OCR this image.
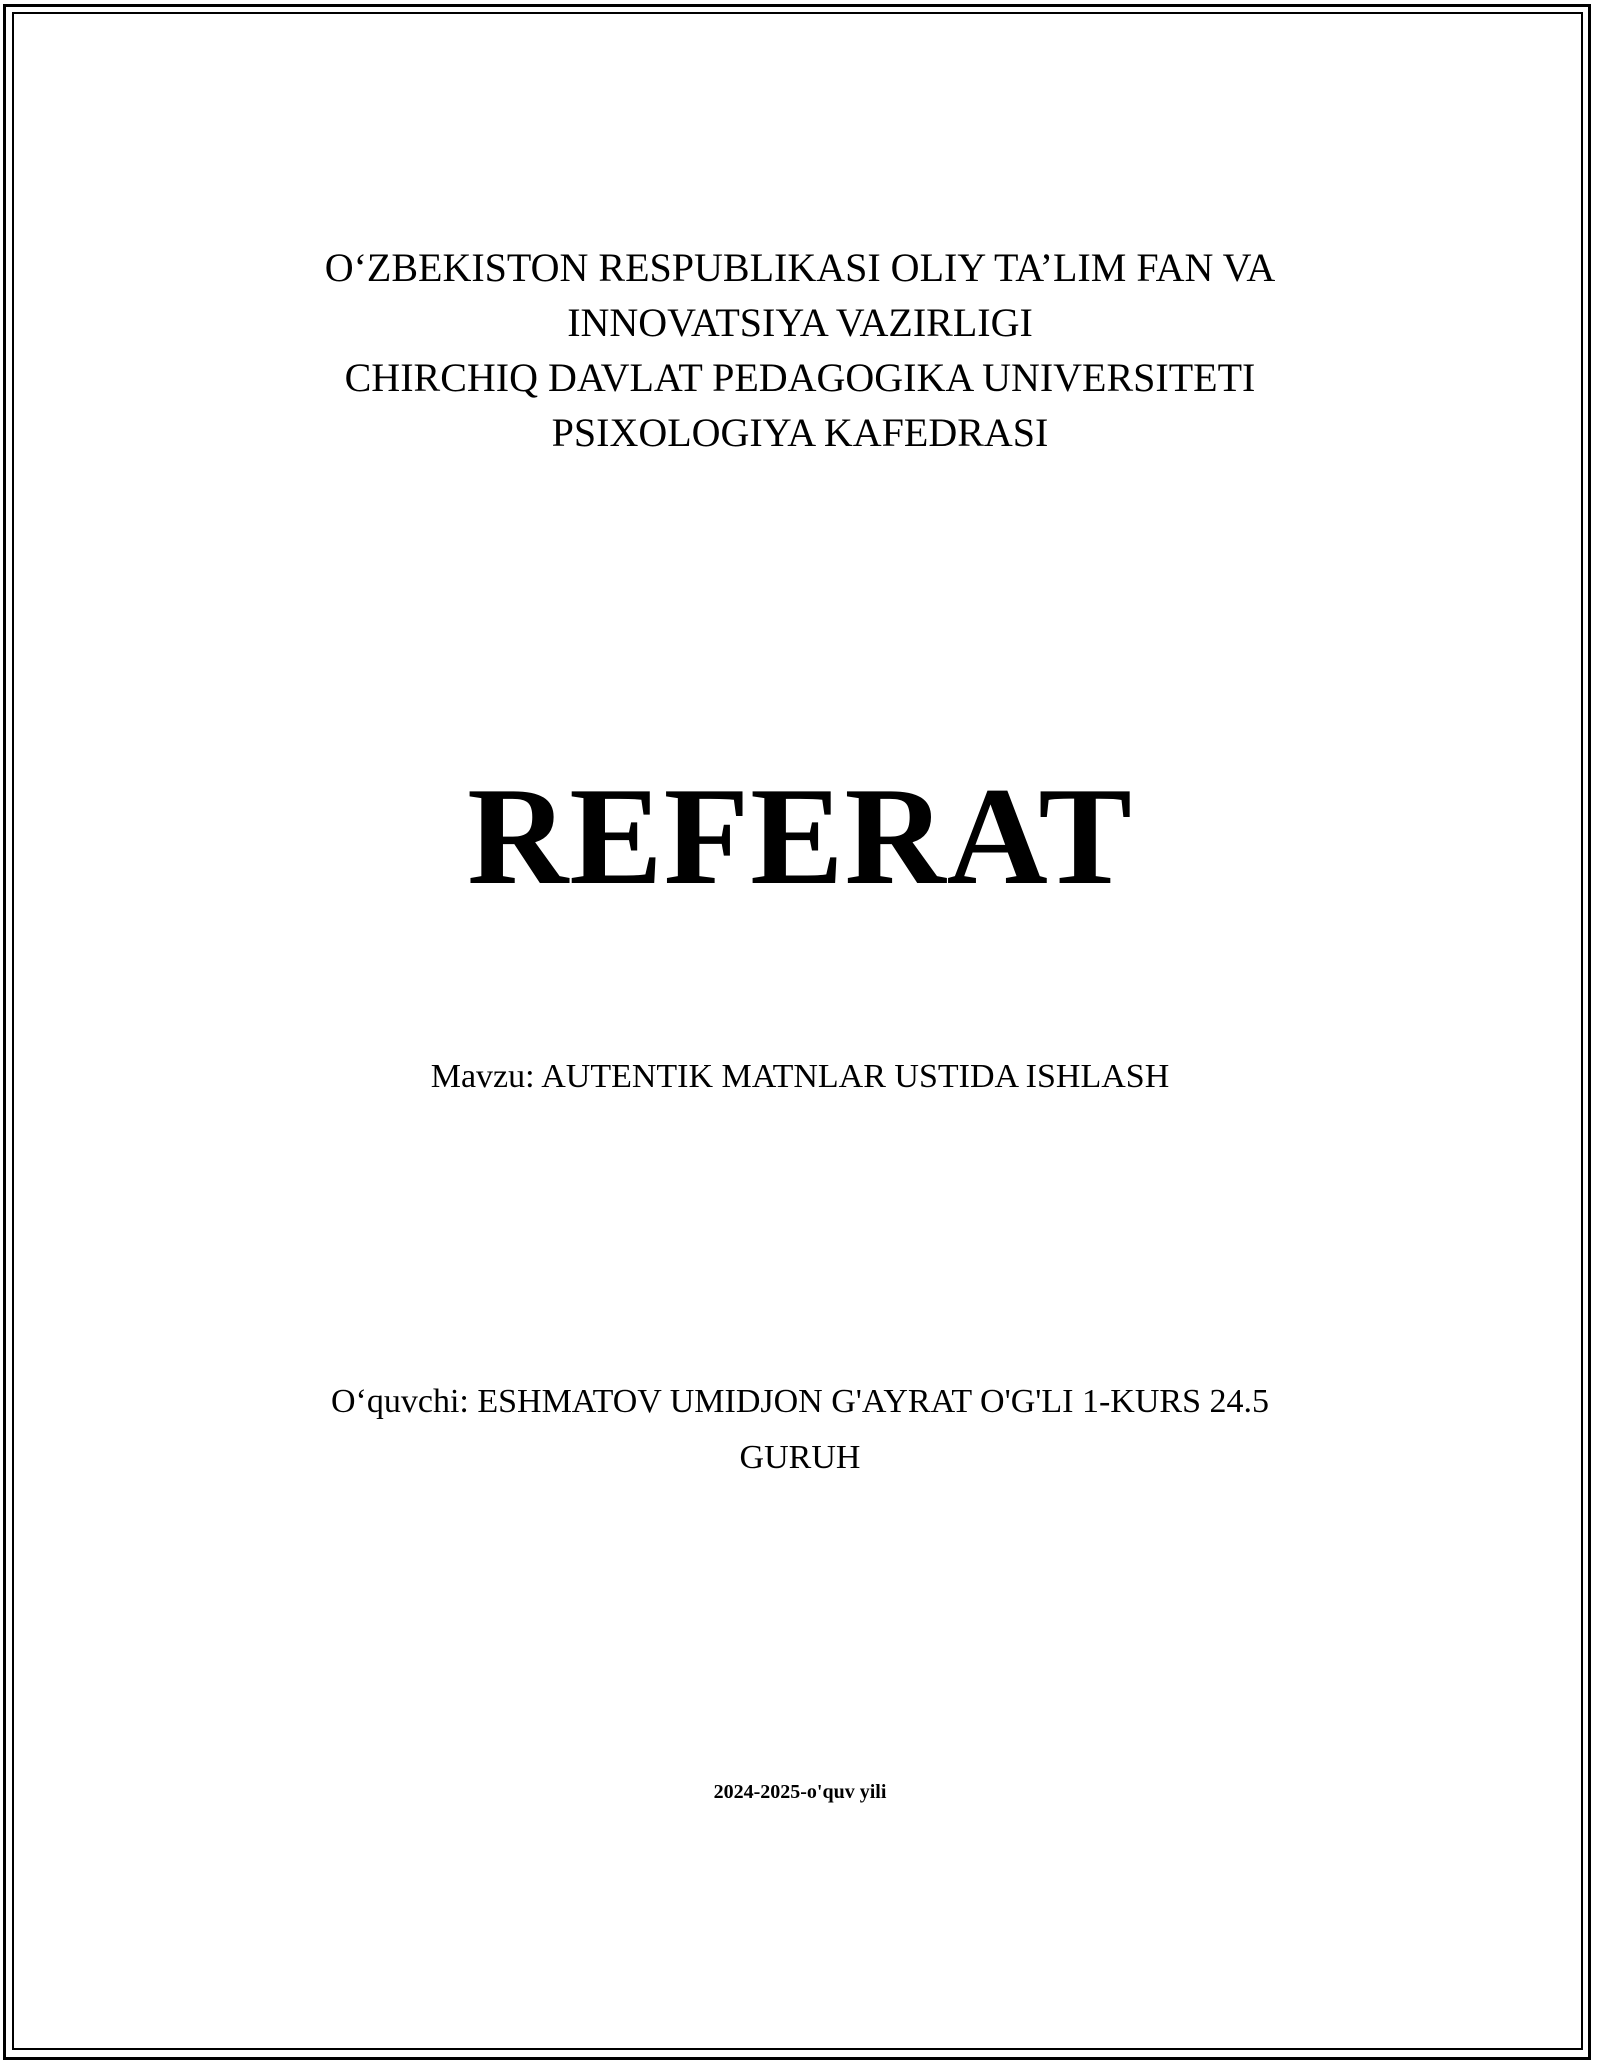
O‘ZBEKISTON RESPUBLIKASI OLIY TA’LIM FAN VA
INNOVATSIYA VAZIRLIGI
CHIRCHIQ DAVLAT PEDAGOGIKA UNIVERSITETI
PSIXOLOGIYA KAFEDRASI
REFERAT
Mavzu: AUTENTIK MATNLAR USTIDA ISHLASH
O‘quvchi: ESHMATOV UMIDJON G'AYRAT O'G'LI 1-KURS 24.5
GURUH
2024-2025-o'quv yili
